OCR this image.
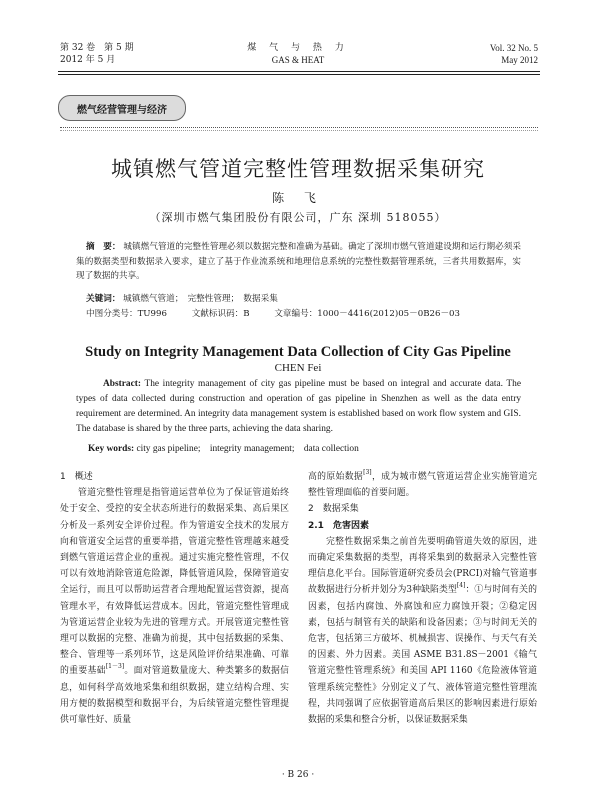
第 32 卷　第 5 期
2012 年 5 月
煤 气 与 热 力
GAS & HEAT
Vol. 32 No. 5
May 2012
燃气经营管理与经济
城镇燃气管道完整性管理数据采集研究
陈 飞
（深圳市燃气集团股份有限公司，广东 深圳 518055）
摘　要： 城镇燃气管道的完整性管理必须以数据完整和准确为基础。确定了深圳市燃气管道建设期和运行期必须采集的数据类型和数据录入要求，建立了基于作业流系统和地理信息系统的完整性数据管理系统，三者共用数据库，实现了数据的共享。
关键词： 城镇燃气管道；　完整性管理；　数据采集
中图分类号：TU996	文献标识码：B	文章编号：1000－4416(2012)05－0B26－03
Study on Integrity Management Data Collection of City Gas Pipeline
CHEN Fei
Abstract: The integrity management of city gas pipeline must be based on integral and accurate data. The types of data collected during construction and operation of gas pipeline in Shenzhen as well as the data entry requirement are determined. An integrity data management system is established based on work flow system and GIS. The database is shared by the three parts, achieving the data sharing.
Key words: city gas pipeline;　integrity management;　data collection
1　概述

管道完整性管理是指管道运营单位为了保证管道始终处于安全、受控的安全状态所进行的数据采集、高后果区分析及一系列安全评价过程。作为管道安全技术的发展方向和管道安全运营的重要举措，管道完整性管理越来越受到燃气管道运营企业的重视。通过实施完整性管理，不仅可以有效地消除管道危险源，降低管道风险，保障管道安全运行，而且可以帮助运营者合理地配置运营资源，提高管理水平，有效降低运营成本。因此，管道完整性管理成为管道运营企业较为先进的管理方式。开展管道完整性管理可以数据的完整、准确为前提，其中包括数据的采集、整合、管理等一系列环节，这是风险评价结果准确、可靠的重要基础[1－3]。面对管道数量庞大、种类繁多的数据信息，如何科学高效地采集和组织数据，建立结构合理、实用方便的数据模型和数据平台，为后续管道完整性管理提供可靠性好、质量

高的原始数据[3]，成为城市燃气管道运营企业实施管道完整性管理面临的首要问题。

2　数据采集
2.1　危害因素

完整性数据采集之前首先要明确管道失效的原因，进而确定采集数据的类型，再将采集到的数据录入完整性管理信息化平台。国际管道研究委员会(PRCI)对输气管道事故数据进行分析并划分为3种缺陷类型[4]：①与时间有关的因素，包括内腐蚀、外腐蚀和应力腐蚀开裂；②稳定因素，包括与制管有关的缺陷和设备因素；③与时间无关的危害，包括第三方破坏、机械损害、误操作、与天气有关的因素、外力因素。美国 ASME B31.8S－2001《输气管道完整性管理系统》和美国 API 1160《危险液体管道管理系统完整性》分别定义了气、液体管道完整性管理流程，共同强调了应依据管道高后果区的影响因素进行原始数据的采集和整合分析，以保证数据采集

· B 26 ·
